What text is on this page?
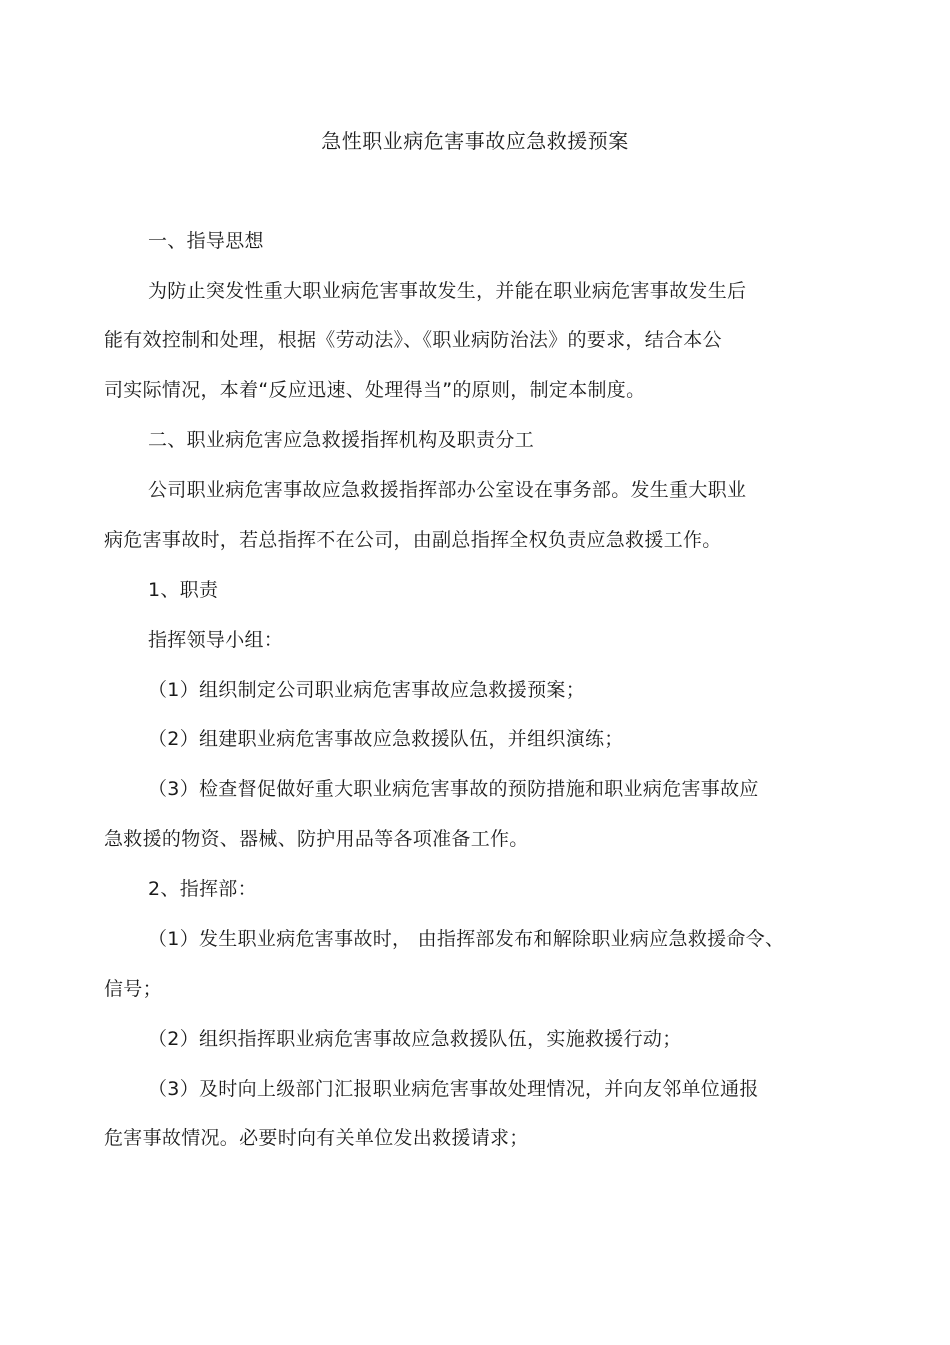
急性职业病危害事故应急救援预案
一、指导思想
为防止突发性重大职业病危害事故发生，并能在职业病危害事故发生后
能有效控制和处理，根据《劳动法》、《职业病防治法》的要求，结合本公
司实际情况，本着“反应迅速、处理得当”的原则，制定本制度。
二、职业病危害应急救援指挥机构及职责分工
公司职业病危害事故应急救援指挥部办公室设在事务部。发生重大职业
病危害事故时，若总指挥不在公司，由副总指挥全权负责应急救援工作。
1、职责
指挥领导小组：
（1）组织制定公司职业病危害事故应急救援预案；
（2）组建职业病危害事故应急救援队伍，并组织演练；
（3）检查督促做好重大职业病危害事故的预防措施和职业病危害事故应
急救援的物资、器械、防护用品等各项准备工作。
2、指挥部：
（1）发生职业病危害事故时， 由指挥部发布和解除职业病应急救援命令、
信号；
（2）组织指挥职业病危害事故应急救援队伍，实施救援行动；
（3）及时向上级部门汇报职业病危害事故处理情况，并向友邻单位通报
危害事故情况。必要时向有关单位发出救援请求；
